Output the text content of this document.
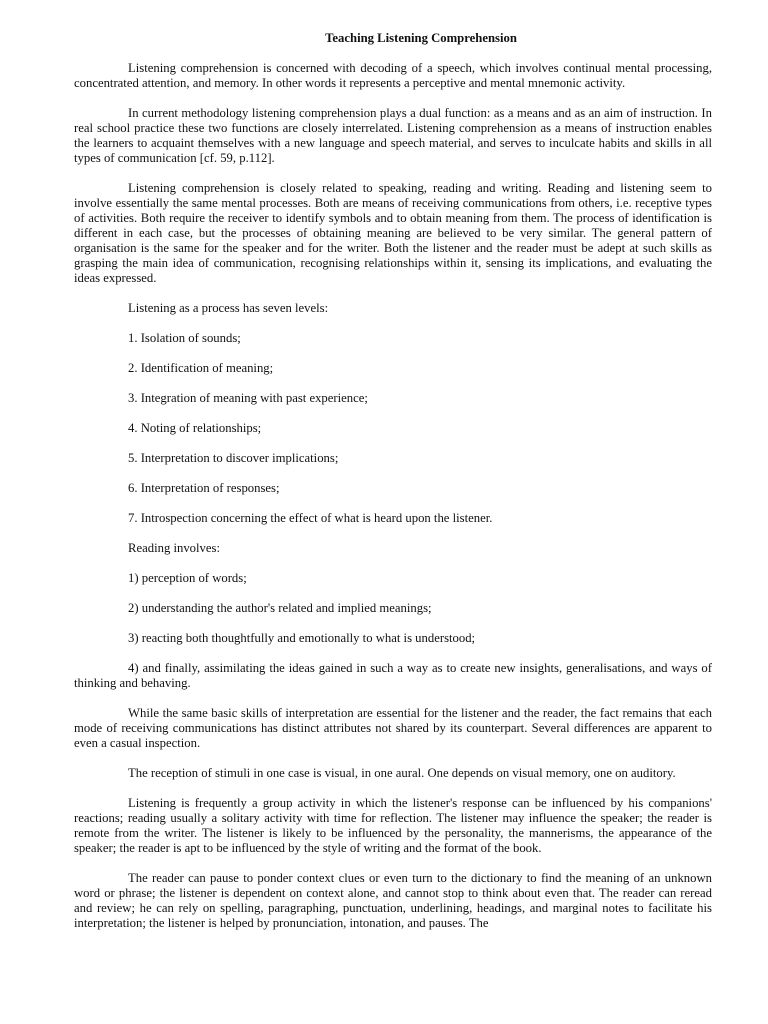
Teaching Listening Comprehension
Listening comprehension is concerned with decoding of a speech, which involves continual mental processing, concentrated attention, and memory. In other words it represents a perceptive and mental mnemonic activity.
In current methodology listening comprehension plays a dual function: as a means and as an aim of instruction. In real school practice these two functions are closely interrelated. Listening comprehension as a means of instruction enables the learners to acquaint themselves with a new language and speech material, and serves to inculcate habits and skills in all types of communication [cf. 59, p.112].
Listening comprehension is closely related to speaking, reading and writing. Reading and listening seem to involve essentially the same mental processes. Both are means of receiving communications from others, i.e. receptive types of activities. Both require the receiver to identify symbols and to obtain meaning from them. The process of identification is different in each case, but the processes of obtaining meaning are believed to be very similar. The general pattern of organisation is the same for the speaker and for the writer. Both the listener and the reader must be adept at such skills as grasping the main idea of communication, recognising relationships within it, sensing its implications, and evaluating the ideas expressed.
Listening as a process has seven levels:
1. Isolation of sounds;
2. Identification of meaning;
3. Integration of meaning with past experience;
4. Noting of relationships;
5. Interpretation to discover implications;
6. Interpretation of responses;
7. Introspection concerning the effect of what is heard upon the listener.
Reading involves:
1) perception of words;
2) understanding the author's related and implied meanings;
3) reacting both thoughtfully and emotionally to what is understood;
4) and finally, assimilating the ideas gained in such a way as to create new insights, generalisations, and ways of thinking and behaving.
While the same basic skills of interpretation are essential for the listener and the reader, the fact remains that each mode of receiving communications has distinct attributes not shared by its counterpart. Several differences are apparent to even a casual inspection.
The reception of stimuli in one case is visual, in one aural. One depends on visual memory, one on auditory.
Listening is frequently a group activity in which the listener's response can be influenced by his companions' reactions; reading usually a solitary activity with time for reflection. The listener may influence the speaker; the reader is remote from the writer. The listener is likely to be influenced by the personality, the mannerisms, the appearance of the speaker; the reader is apt to be influenced by the style of writing and the format of the book.
The reader can pause to ponder context clues or even turn to the dictionary to find the meaning of an unknown word or phrase; the listener is dependent on context alone, and cannot stop to think about even that. The reader can reread and review; he can rely on spelling, paragraphing, punctuation, underlining, headings, and marginal notes to facilitate his interpretation; the listener is helped by pronunciation, intonation, and pauses. The
